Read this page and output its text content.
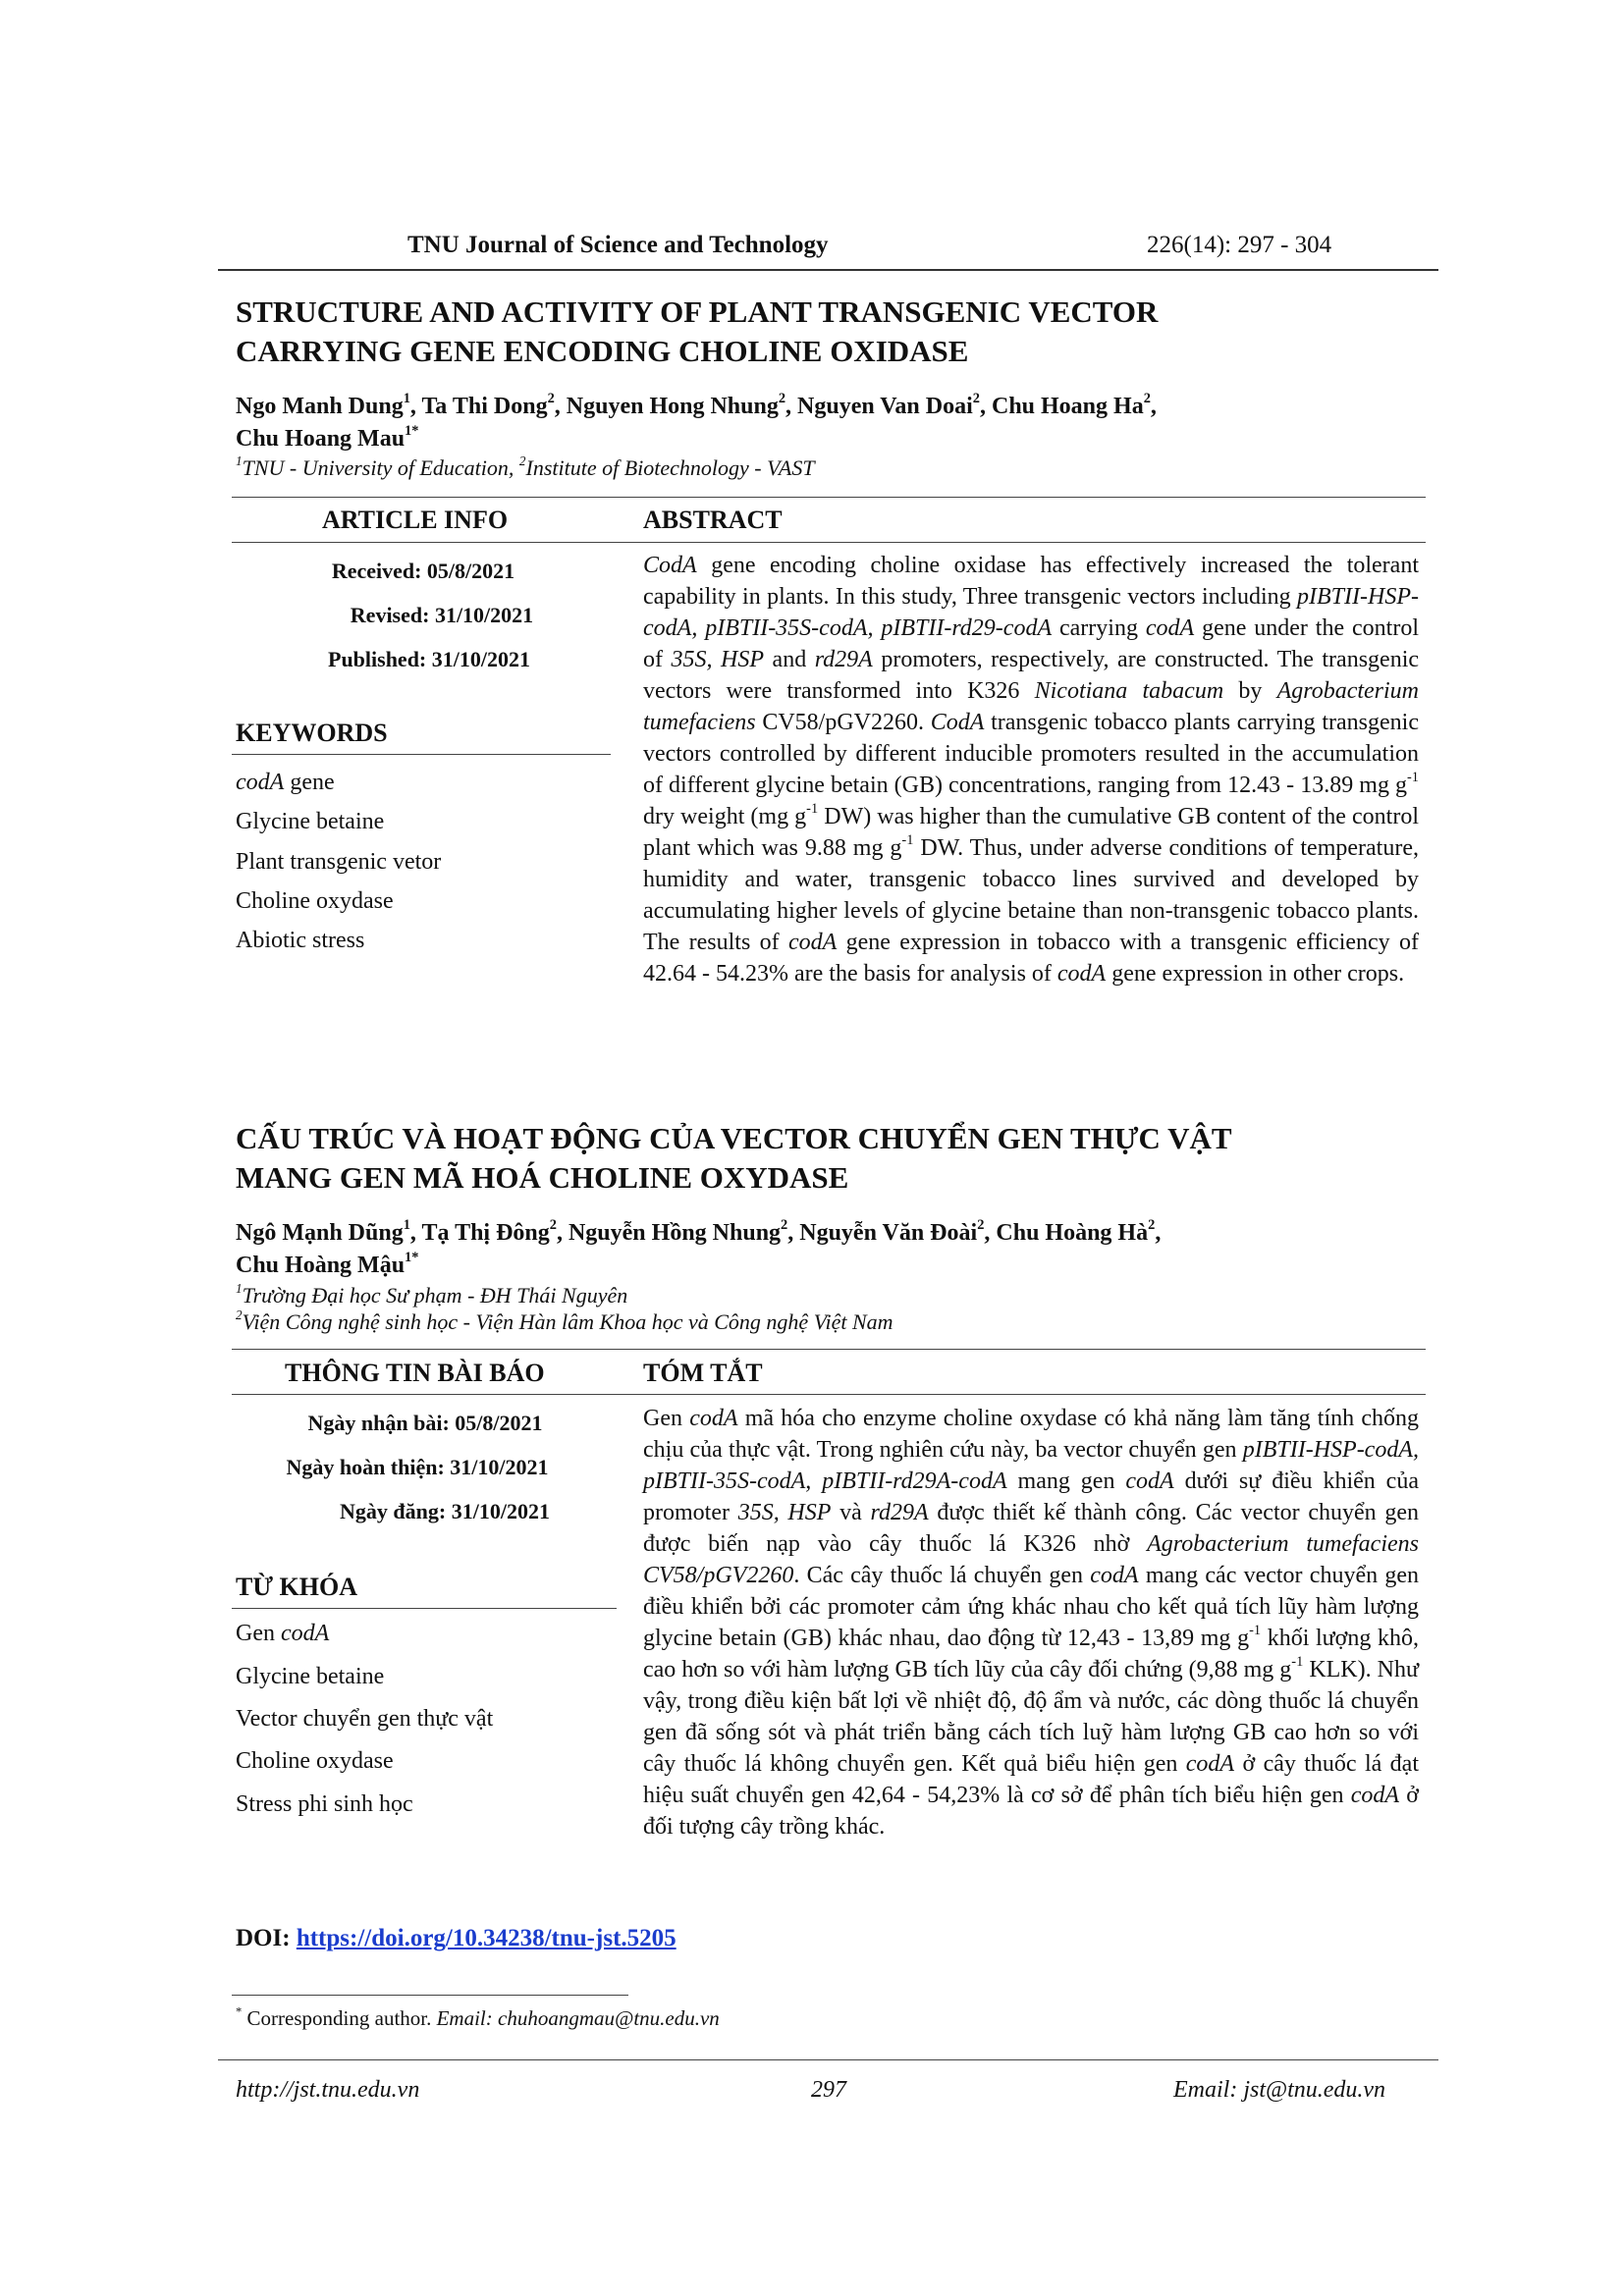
TNU Journal of Science and Technology	226(14): 297 - 304
STRUCTURE AND ACTIVITY OF PLANT TRANSGENIC VECTOR
CARRYING GENE ENCODING CHOLINE OXIDASE
Ngo Manh Dung$^1$, Ta Thi Dong$^2$, Nguyen Hong Nhung$^2$, Nguyen Van Doai$^2$, Chu Hoang Ha$^2$,
Chu Hoang Mau$^{1*}$
$^1$TNU - University of Education, $^2$Institute of Biotechnology - VAST
ARTICLE INFO	ABSTRACT
Received: 05/8/2021
Revised: 31/10/2021
Published: 31/10/2021
KEYWORDS
codA gene
Glycine betaine
Plant transgenic vetor
Choline oxydase
Abiotic stress
CodA gene encoding choline oxidase has effectively increased the tolerant capability in plants. In this study, Three transgenic vectors including pIBTII-HSP-codA, pIBTII-35S-codA, pIBTII-rd29-codA carrying codA gene under the control of 35S, HSP and rd29A promoters, respectively, are constructed. The transgenic vectors were transformed into K326 Nicotiana tabacum by Agrobacterium tumefaciens CV58/pGV2260. CodA transgenic tobacco plants carrying transgenic vectors controlled by different inducible promoters resulted in the accumulation of different glycine betain (GB) concentrations, ranging from 12.43 - 13.89 mg $g^{-1}$ dry weight (mg $g^{-1}$ DW) was higher than the cumulative GB content of the control plant which was 9.88 mg $g^{-1}$ DW. Thus, under adverse conditions of temperature, humidity and water, transgenic tobacco lines survived and developed by accumulating higher levels of glycine betaine than non-transgenic tobacco plants. The results of codA gene expression in tobacco with a transgenic efficiency of 42.64 - 54.23% are the basis for analysis of codA gene expression in other crops.
CẤU TRÚC VÀ HOẠT ĐỘNG CỦA VECTOR CHUYỂN GEN THỰC VẬT
MANG GEN MÃ HOÁ CHOLINE OXYDASE
Ngô Mạnh Dũng$^1$, Tạ Thị Đông$^2$, Nguyễn Hồng Nhung$^2$, Nguyễn Văn Đoài$^2$, Chu Hoàng $Hà^2$,
Chu Hoàng Mậu$^{1*}$
$^1$Trường Đại học Sư phạm - ĐH Thái Nguyên
$^2$Viện Công nghệ sinh học - Viện Hàn lâm Khoa học và Công nghệ Việt Nam
THÔNG TIN BÀI BÁO	TÓM TẮT
Ngày nhận bài: 05/8/2021
Ngày hoàn thiện: 31/10/2021
Ngày đăng: 31/10/2021
TỪ KHÓA
Gen codA
Glycine betaine
Vector chuyển gen thực vật
Choline oxydase
Stress phi sinh học
Gen codA mã hóa cho enzyme choline oxydase có khả năng làm tăng tính chống chịu của thực vật. Trong nghiên cứu này, ba vector chuyển gen pIBTII-HSP-codA, pIBTII-35S-codA, pIBTII-rd29A-codA mang gen codA dưới sự điều khiển của promoter 35S, HSP và rd29A được thiết kế thành công. Các vector chuyển gen được biến nạp vào cây thuốc lá K326 nhờ Agrobacterium tumefaciens CV58/pGV2260. Các cây thuốc lá chuyển gen codA mang các vector chuyển gen điều khiển bởi các promoter cảm ứng khác nhau cho kết quả tích lũy hàm lượng glycine betain (GB) khác nhau, dao động từ 12,43 - 13,89 mg $g^{-1}$ khối lượng khô, cao hơn so với hàm lượng GB tích lũy của cây đối chứng (9,88 mg $g^{-1}$ KLK). Như vậy, trong điều kiện bất lợi về nhiệt độ, độ ẩm và nước, các dòng thuốc lá chuyển gen đã sống sót và phát triển bằng cách tích luỹ hàm lượng GB cao hơn so với cây thuốc lá không chuyển gen. Kết quả biểu hiện gen codA ở cây thuốc lá đạt hiệu suất chuyển gen 42,64 - 54,23% là cơ sở để phân tích biểu hiện gen codA ở đối tượng cây trồng khác.
DOI: https://doi.org/10.34238/tnu-jst.5205
* Corresponding author. Email: chuhoangmau@tnu.edu.vn
http://jst.tnu.edu.vn	297	Email: jst@tnu.edu.vn
